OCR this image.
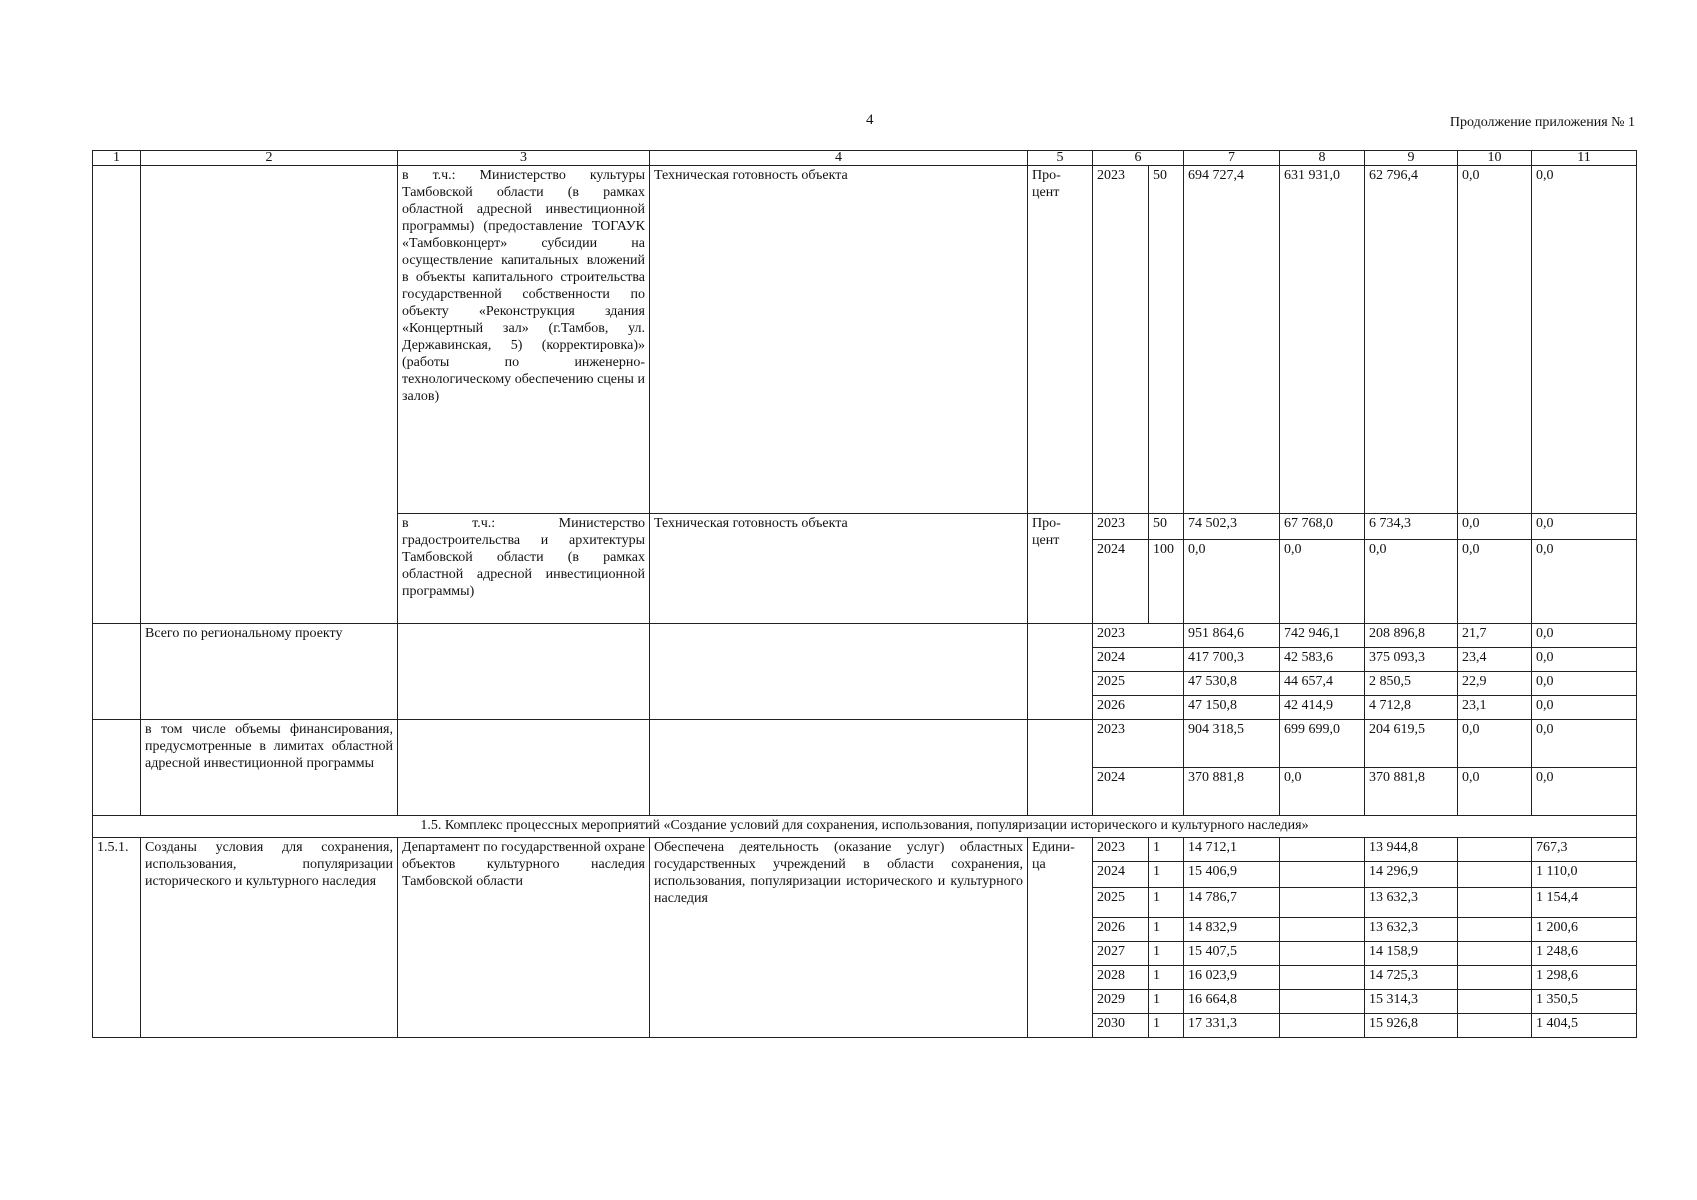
4	Продолжение приложения № 1
1	2	3	4	5	6		7	8	9	10	11
		в т.ч.: Министерство культуры Тамбовской области (в рамках областной адресной инвестиционной программы) (предоставление ТОГАУК «Тамбовконцерт» субсидии на осуществление капитальных вложений в объекты капитального строительства государственной собственности по объекту «Реконструкция здания «Концертный зал» (г.Тамбов, ул. Державинская, 5) (корректировка)» (работы по инженерно-технологическому обеспечению сцены и залов)	Техническая готовность объекта	Про-цент	2023	50	694 727,4	631 931,0	62 796,4	0,0	0,0
		в т.ч.: Министерство градостроительства и архитектуры Тамбовской области (в рамках областной адресной инвестиционной программы)	Техническая готовность объекта	Про-цент	2023	50	74 502,3	67 768,0	6 734,3	0,0	0,0
					2024	100	0,0	0,0	0,0	0,0	0,0
	Всего по региональному проекту				2023		951 864,6	742 946,1	208 896,8	21,7	0,0
					2024		417 700,3	42 583,6	375 093,3	23,4	0,0
					2025		47 530,8	44 657,4	2 850,5	22,9	0,0
					2026		47 150,8	42 414,9	4 712,8	23,1	0,0
	в том числе объемы финансирования, предусмотренные в лимитах областной адресной инвестиционной программы				2023		904 318,5	699 699,0	204 619,5	0,0	0,0
					2024		370 881,8	0,0	370 881,8	0,0	0,0
1.5. Комплекс процессных мероприятий «Создание условий для сохранения, использования, популяризации исторического и культурного наследия»											
1.5.1.	Созданы условия для сохранения, использования, популяризации исторического и культурного наследия	Департамент по государственной охране объектов культурного наследия Тамбовской области	Обеспечена деятельность (оказание услуг) областных государственных учреждений в области сохранения, использования, популяризации исторического и культурного наследия	Едини-ца	2023	1	14 712,1		13 944,8		767,3
					2024	1	15 406,9		14 296,9		1 110,0
					2025	1	14 786,7		13 632,3		1 154,4
					2026	1	14 832,9		13 632,3		1 200,6
					2027	1	15 407,5		14 158,9		1 248,6
					2028	1	16 023,9		14 725,3		1 298,6
					2029	1	16 664,8		15 314,3		1 350,5
					2030	1	17 331,3		15 926,8		1 404,5
